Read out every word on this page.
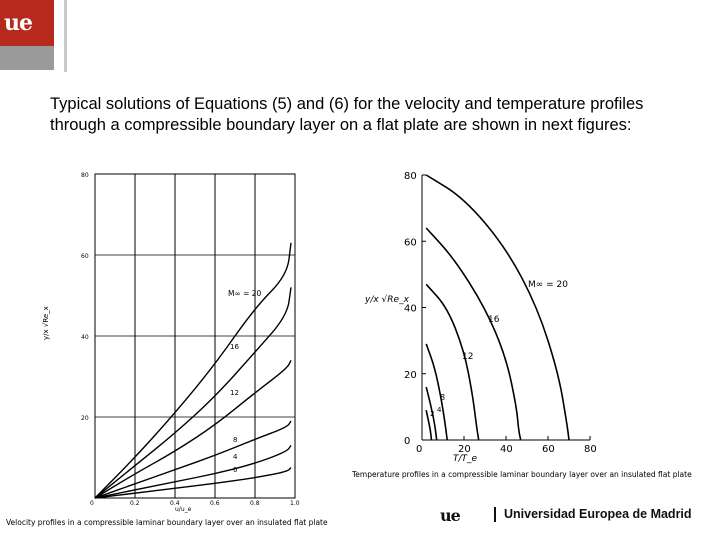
ue

Typical solutions of Equations (5) and (6) for the velocity and temperature profiles through a compressible boundary layer on a flat plate are shown in next figures:

80
60
40
20
0	0.2	0.4	0.6	0.8	1.0
y/x √Re_x
u/u_e
M∞ = 20
16
12
8
4
0
80
60
40
20
0
0	20	40	60	80
y/x √Re_x
T/T_e
M∞ = 20
16
12
8
4
2
Temperature profiles in a compressible laminar boundary layer over an insulated flat plate
Velocity profiles in a compressible laminar boundary layer over an insulated flat plate	ue	Universidad Europea de Madrid
